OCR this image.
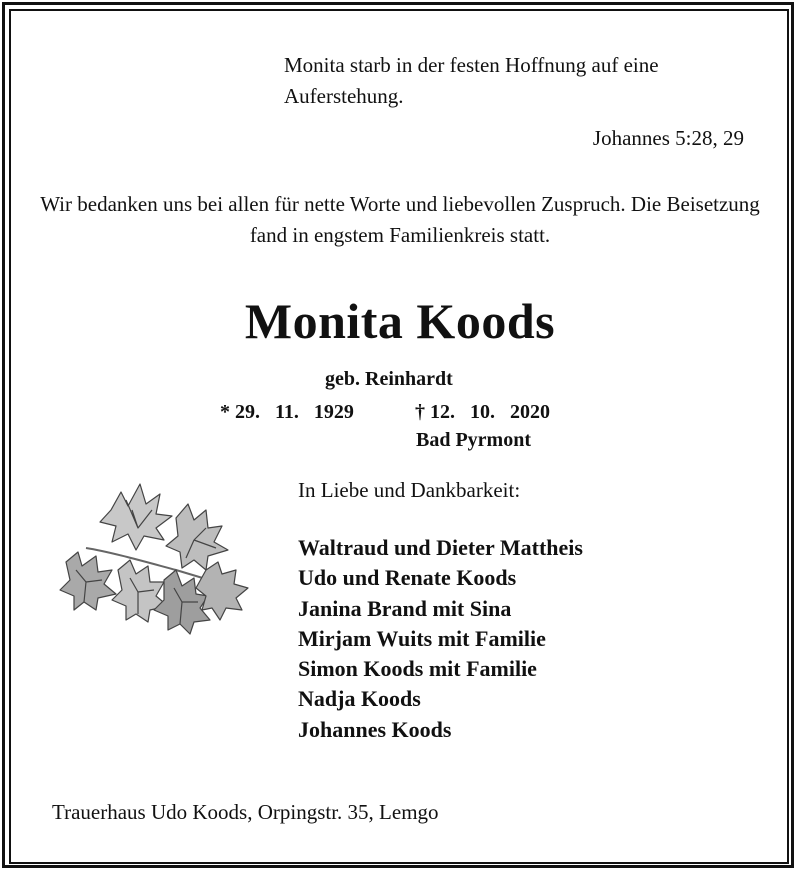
Monita starb in der festen Hoffnung auf eine Auferstehung.
Johannes 5:28, 29
Wir bedanken uns bei allen für nette Worte und liebevollen Zuspruch. Die Beisetzung fand in engstem Familienkreis statt.
Monita Koods
geb. Reinhardt
* 29.   11.   1929	† 12.   10.   2020
Bad Pyrmont
In Liebe und Dankbarkeit:
Waltraud und Dieter Mattheis
Udo und Renate Koods
Janina Brand mit Sina
Mirjam Wuits mit Familie
Simon Koods mit Familie
Nadja Koods
Johannes Koods
Trauerhaus Udo Koods, Orpingstr. 35, Lemgo
